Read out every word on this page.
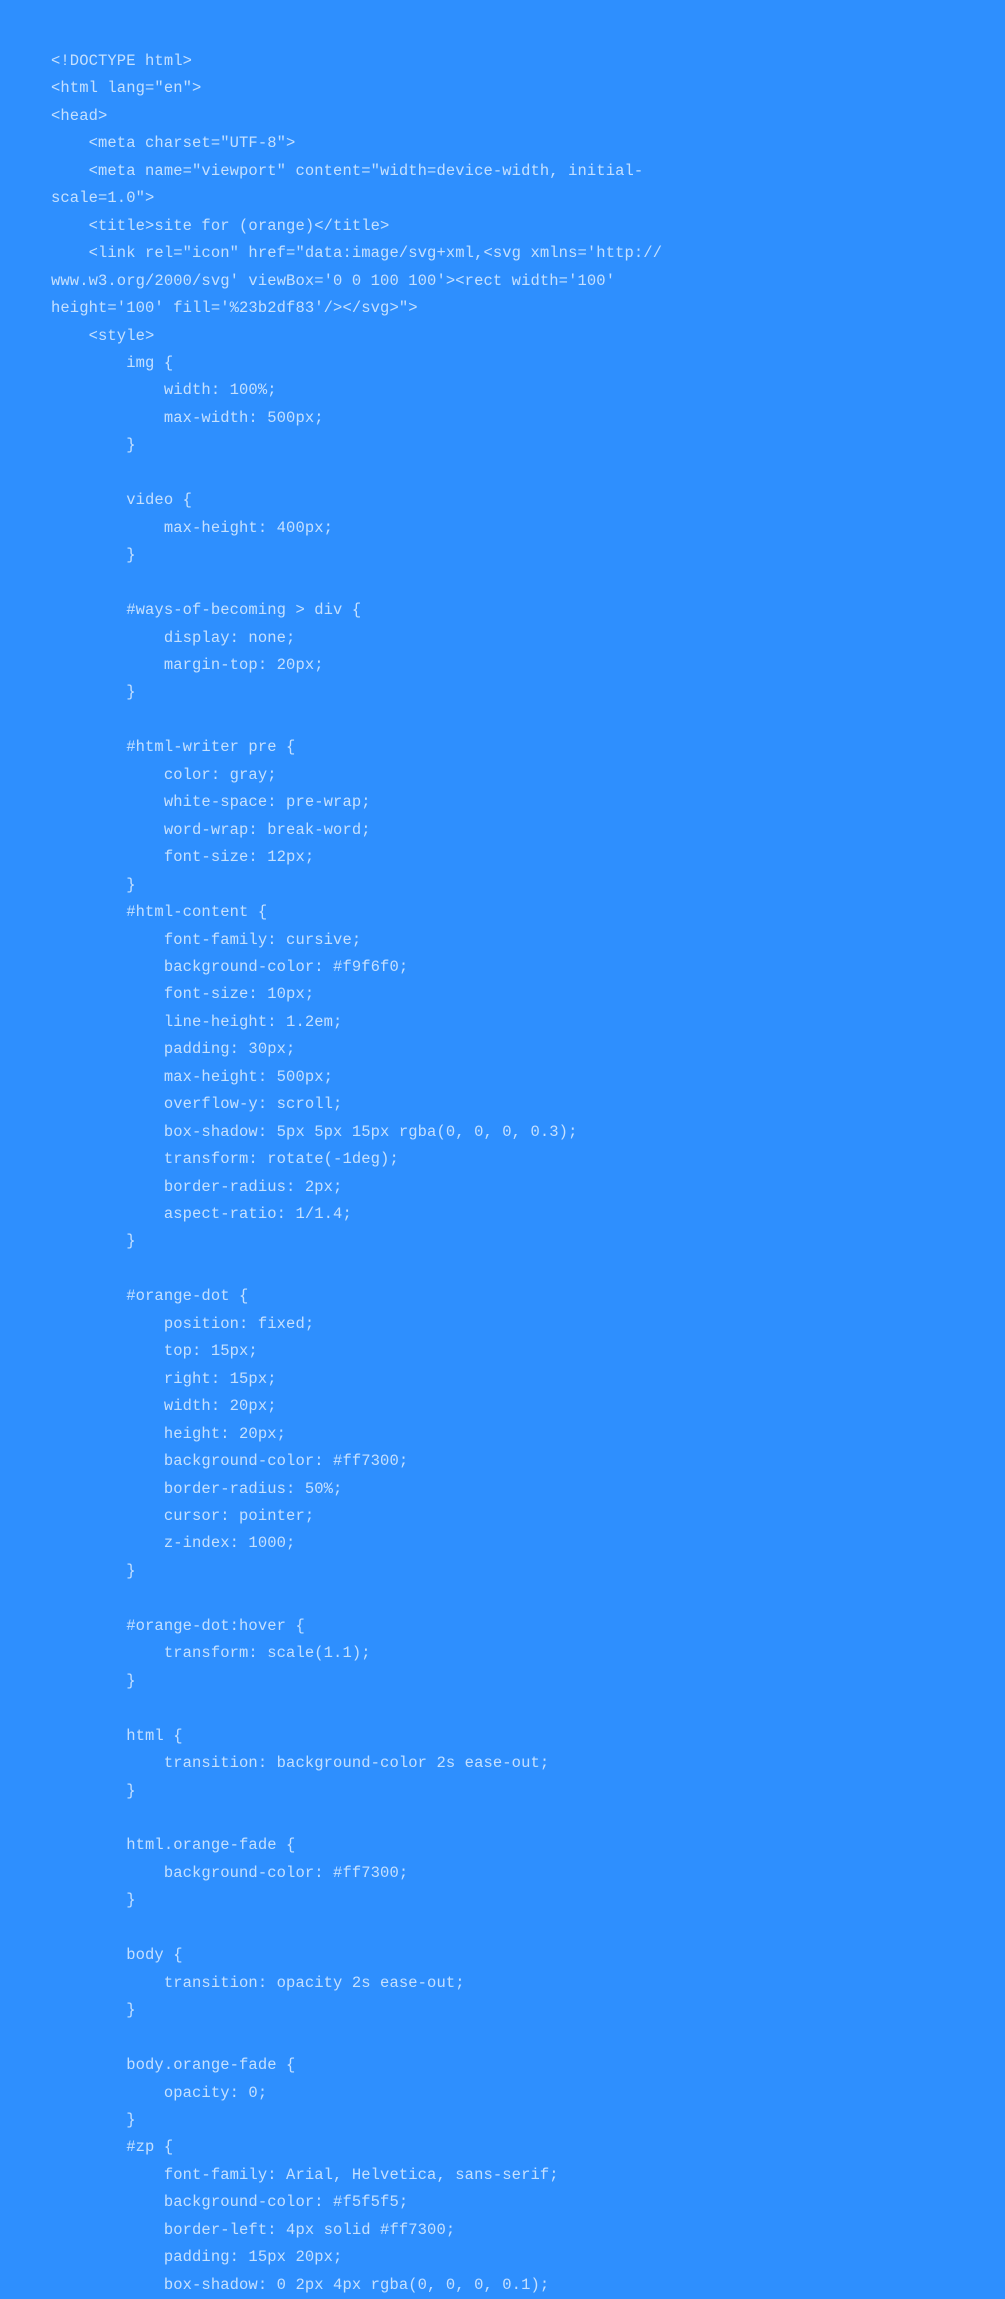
<!DOCTYPE html>
<html lang="en">
<head>
<meta charset="UTF-8">
<meta name="viewport" content="width=device-width, initial-
scale=1.0">
<title>site for (orange)</title>
<link rel="icon" href="data:image/svg+xml,<svg xmlns='http://
www.w3.org/2000/svg' viewBox='0 0 100 100'><rect width='100'
height='100' fill='%23b2df83'/></svg>">
<style>
img {
width: 100%;
max-width: 500px;
}
video {
max-height: 400px;
}
#ways-of-becoming > div {
display: none;
margin-top: 20px;
}
#html-writer pre {
color: gray;
white-space: pre-wrap;
word-wrap: break-word;
font-size: 12px;
}
#html-content {
font-family: cursive;
background-color: #f9f6f0;
font-size: 10px;
line-height: 1.2em;
padding: 30px;
max-height: 500px;
overflow-y: scroll;
box-shadow: 5px 5px 15px rgba(0, 0, 0, 0.3);
transform: rotate(-1deg);
border-radius: 2px;
aspect-ratio: 1/1.4;
}
#orange-dot {
position: fixed;
top: 15px;
right: 15px;
width: 20px;
height: 20px;
background-color: #ff7300;
border-radius: 50%;
cursor: pointer;
z-index: 1000;
}
#orange-dot:hover {
transform: scale(1.1);
}
html {
transition: background-color 2s ease-out;
}
html.orange-fade {
background-color: #ff7300;
}
body {
transition: opacity 2s ease-out;
}
body.orange-fade {
opacity: 0;
}
#zp {
font-family: Arial, Helvetica, sans-serif;
background-color: #f5f5f5;
border-left: 4px solid #ff7300;
padding: 15px 20px;
box-shadow: 0 2px 4px rgba(0, 0, 0, 0.1);
